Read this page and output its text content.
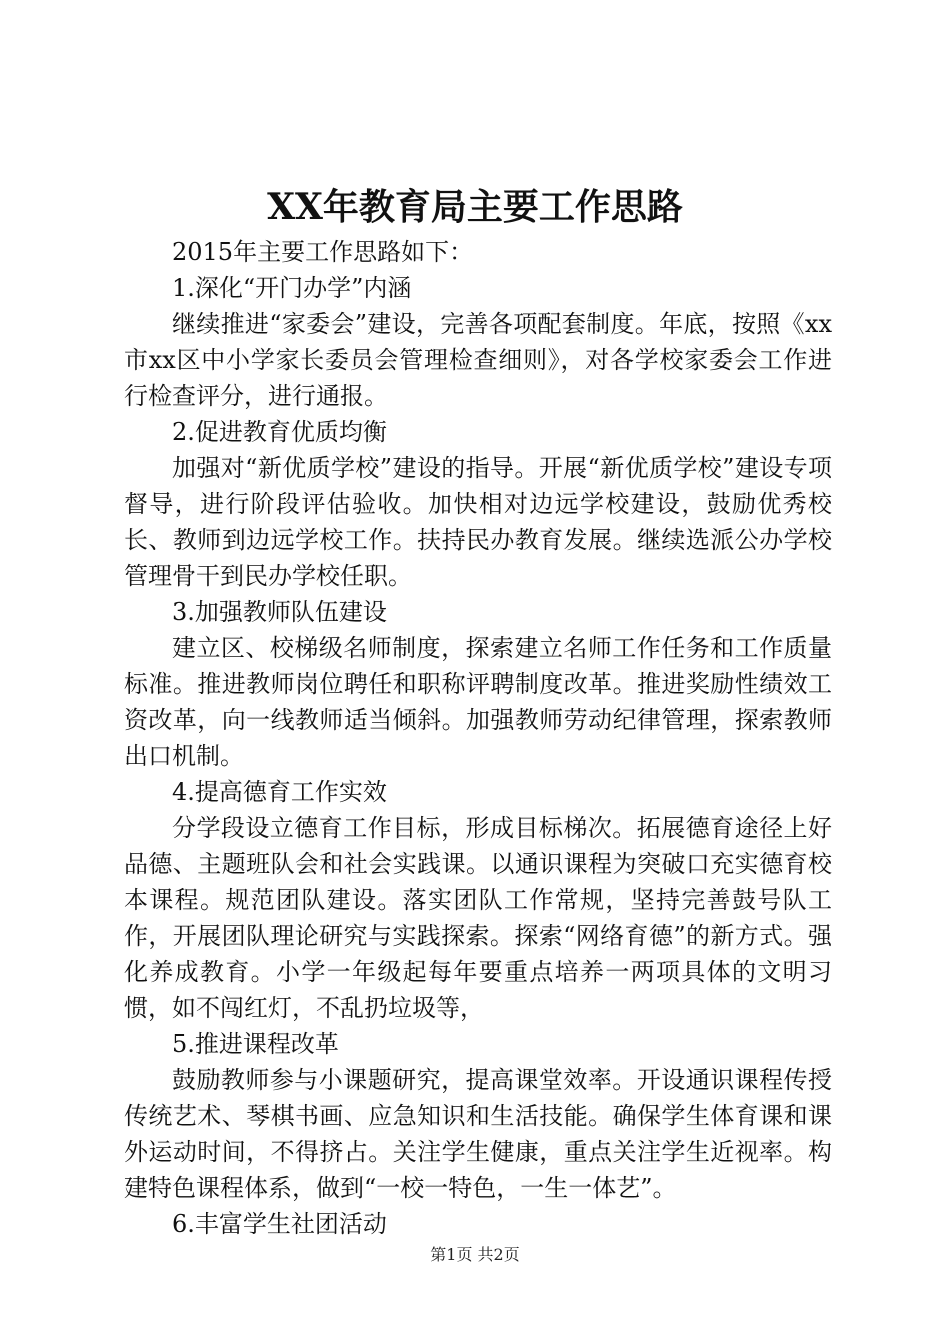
XX年教育局主要工作思路

2015年主要工作思路如下：

1.深化“开门办学”内涵

继续推进“家委会”建设，完善各项配套制度。年底，按照《xx市xx区中小学家长委员会管理检查细则》，对各学校家委会工作进行检查评分，进行通报。

2.促进教育优质均衡

加强对“新优质学校”建设的指导。开展“新优质学校”建设专项督导，进行阶段评估验收。加快相对边远学校建设，鼓励优秀校长、教师到边远学校工作。扶持民办教育发展。继续选派公办学校管理骨干到民办学校任职。

3.加强教师队伍建设

建立区、校梯级名师制度，探索建立名师工作任务和工作质量标准。推进教师岗位聘任和职称评聘制度改革。推进奖励性绩效工资改革，向一线教师适当倾斜。加强教师劳动纪律管理，探索教师出口机制。

4.提高德育工作实效

分学段设立德育工作目标，形成目标梯次。拓展德育途径上好品德、主题班队会和社会实践课。以通识课程为突破口充实德育校本课程。规范团队建设。落实团队工作常规，坚持完善鼓号队工作，开展团队理论研究与实践探索。探索“网络育德”的新方式。强化养成教育。小学一年级起每年要重点培养一两项具体的文明习惯，如不闯红灯，不乱扔垃圾等，

5.推进课程改革

鼓励教师参与小课题研究，提高课堂效率。开设通识课程传授传统艺术、琴棋书画、应急知识和生活技能。确保学生体育课和课外运动时间，不得挤占。关注学生健康，重点关注学生近视率。构建特色课程体系，做到“一校一特色，一生一体艺”。

6.丰富学生社团活动

第1页 共2页
